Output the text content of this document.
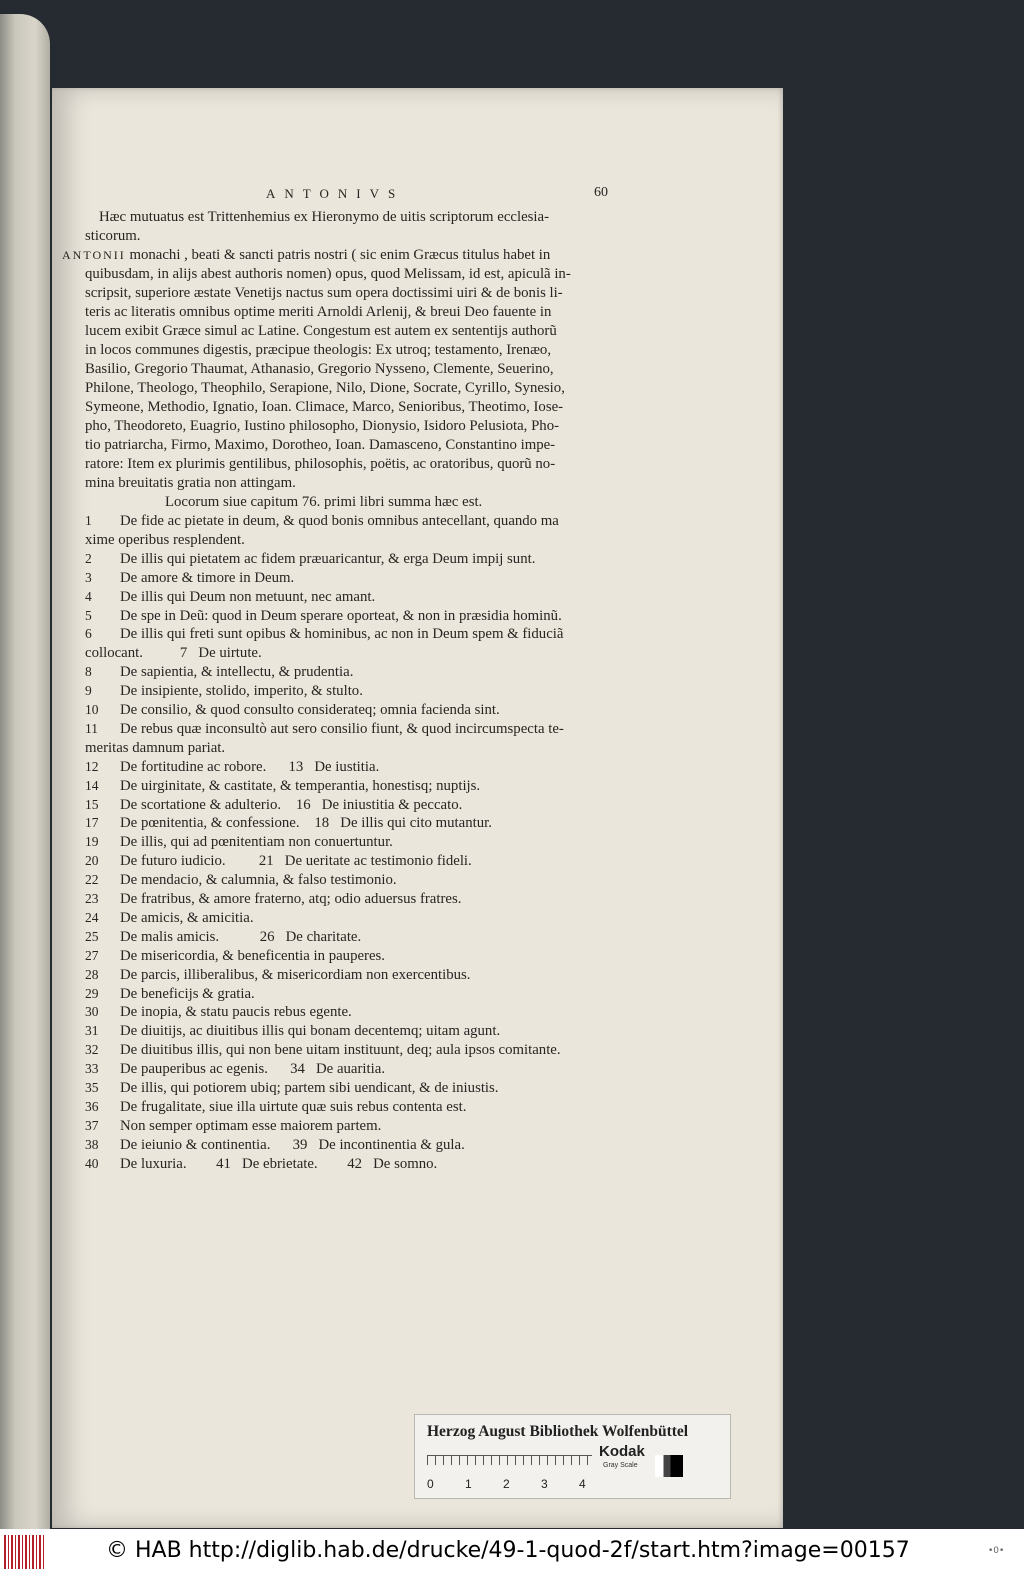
ANTONIVS	60
Hæc mutuatus est Trittenhemius ex Hieronymo de uitis scriptorum ecclesia-
sticorum.
ANTONII monachi , beati & sancti patris nostri ( sic enim Græcus titulus habet in
quibusdam, in alijs abest authoris nomen) opus, quod Melissam, id est, apiculã in-
scripsit, superiore æstate Venetijs nactus sum opera doctissimi uiri & de bonis li-
teris ac literatis omnibus optime meriti Arnoldi Arlenij, & breui Deo fauente in
lucem exibit Græce simul ac Latine. Congestum est autem ex sententijs authorũ
in locos communes digestis, præcipue theologis: Ex utroq; testamento, Irenæo,
Basilio, Gregorio Thaumat, Athanasio, Gregorio Nysseno, Clemente, Seuerino,
Philone, Theologo, Theophilo, Serapione, Nilo, Dione, Socrate, Cyrillo, Synesio,
Symeone, Methodio, Ignatio, Ioan. Climace, Marco, Senioribus, Theotimo, Iose-
pho, Theodoreto, Euagrio, Iustino philosopho, Dionysio, Isidoro Pelusiota, Pho-
tio patriarcha, Firmo, Maximo, Dorotheo, Ioan. Damasceno, Constantino impe-
ratore: Item ex plurimis gentilibus, philosophis, poëtis, ac oratoribus, quorũ no-
mina breuitatis gratia non attingam.
Locorum siue capitum 76. primi libri summa hæc est.
1 De fide ac pietate in deum, & quod bonis omnibus antecellant, quando ma
xime operibus resplendent.
2 De illis qui pietatem ac fidem præuaricantur, & erga Deum impij sunt.
3 De amore & timore in Deum.
4 De illis qui Deum non metuunt, nec amant.
5 De spe in Deũ: quod in Deum sperare oporteat, & non in præsidia hominũ.
6 De illis qui freti sunt opibus & hominibus, ac non in Deum spem & fiduciã
collocant.          7   De uirtute.
8 De sapientia, & intellectu, & prudentia.
9 De insipiente, stolido, imperito, & stulto.
10 De consilio, & quod consulto considerateq; omnia facienda sint.
11 De rebus quæ inconsultò aut sero consilio fiunt, & quod incircumspecta te-
meritas damnum pariat.
12 De fortitudine ac robore.      13   De iustitia.
14 De uirginitate, & castitate, & temperantia, honestisq; nuptijs.
15 De scortatione & adulterio.    16   De iniustitia & peccato.
17 De pœnitentia, & confessione.    18   De illis qui cito mutantur.
19 De illis, qui ad pœnitentiam non conuertuntur.
20 De futuro iudicio.         21   De ueritate ac testimonio fideli.
22 De mendacio, & calumnia, & falso testimonio.
23 De fratribus, & amore fraterno, atq; odio aduersus fratres.
24 De amicis, & amicitia.
25 De malis amicis.           26   De charitate.
27 De misericordia, & beneficentia in pauperes.
28 De parcis, illiberalibus, & misericordiam non exercentibus.
29 De beneficijs & gratia.
30 De inopia, & statu paucis rebus egente.
31 De diuitijs, ac diuitibus illis qui bonam decentemq; uitam agunt.
32 De diuitibus illis, qui non bene uitam instituunt, deq; aula ipsos comitante.
33 De pauperibus ac egenis.      34   De auaritia.
35 De illis, qui potiorem ubiq; partem sibi uendicant, & de iniustis.
36 De frugalitate, siue illa uirtute quæ suis rebus contenta est.
37 Non semper optimam esse maiorem partem.
38 De ieiunio & continentia.      39   De incontinentia & gula.
40 De luxuria.        41   De ebrietate.        42   De somno.
Herzog August Bibliothek Wolfenbüttel
0	1	2	3	4
Kodak
Gray Scale
© HAB http://diglib.hab.de/drucke/49-1-quod-2f/start.htm?image=00157	•0•
